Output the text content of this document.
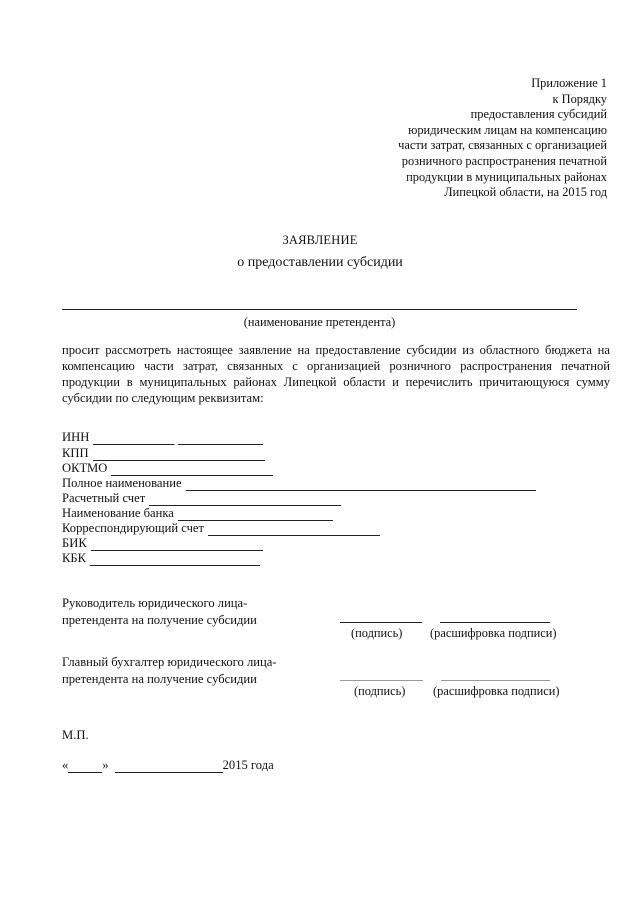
Приложение 1
к Порядку
предоставления субсидий
юридическим лицам на компенсацию
части затрат, связанных с организацией
розничного распространения печатной
продукции в муниципальных районах
Липецкой области, на 2015 год
ЗАЯВЛЕНИЕ
о предоставлении субсидии
(наименование претендента)
просит рассмотреть настоящее заявление на предоставление субсидии из областного бюджета на компенсацию части затрат, связанных с организацией розничного распространения печатной продукции в муниципальных районах Липецкой области и перечислить причитающуюся сумму субсидии по следующим реквизитам:
ИНН
КПП
ОКТМО
Полное наименование
Расчетный счет
Наименование банка
Корреспондирующий счет
БИК
КБК
Руководитель юридического лица-
претендента на получение субсидии
(подпись) (расшифровка подписи)
Главный бухгалтер юридического лица-
претендента на получение субсидии
(подпись) (расшифровка подписи)
М.П.
«	»	2015 года
